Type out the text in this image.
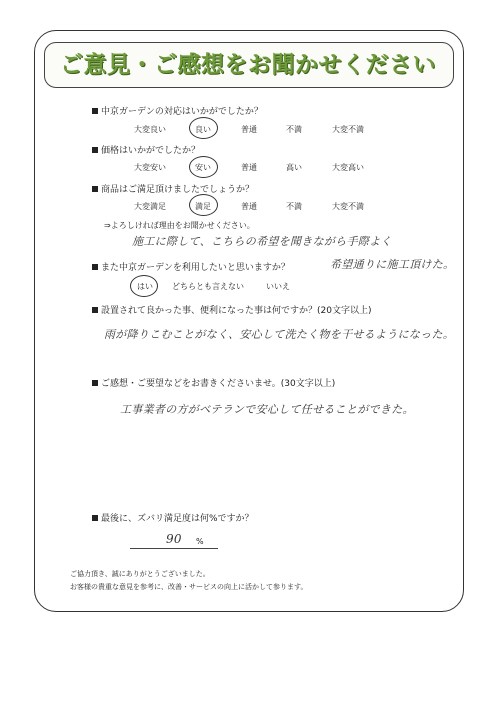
ご意見・ご感想をお聞かせください
中京ガーデンの対応はいかがでしたか？
大変良い	良い	普通	不満	大変不満
価格はいかがでしたか？
大変安い	安い	普通	高い	大変高い
商品はご満足頂けましたでしょうか？
大変満足	満足	普通	不満	大変不満
⇒よろしければ理由をお聞かせください。
施工に際して、こちらの希望を聞きながら手際よく
また中京ガーデンを利用したいと思いますか？	希望通りに施工頂けた。
はい どちらとも言えない	いいえ
設置されて良かった事、便利になった事は何ですか？(20文字以上)
雨が降りこむことがなく、安心して洗たく物を干せるようになった。
ご感想・ご要望などをお書きくださいませ。(30文字以上)
工事業者の方がベテランで安心して任せることができた。
最後に、ズバリ満足度は何%ですか？
90 %
ご協力頂き、誠にありがとうございました。
お客様の貴重な意見を参考に、改善・サービスの向上に活かして参ります。
